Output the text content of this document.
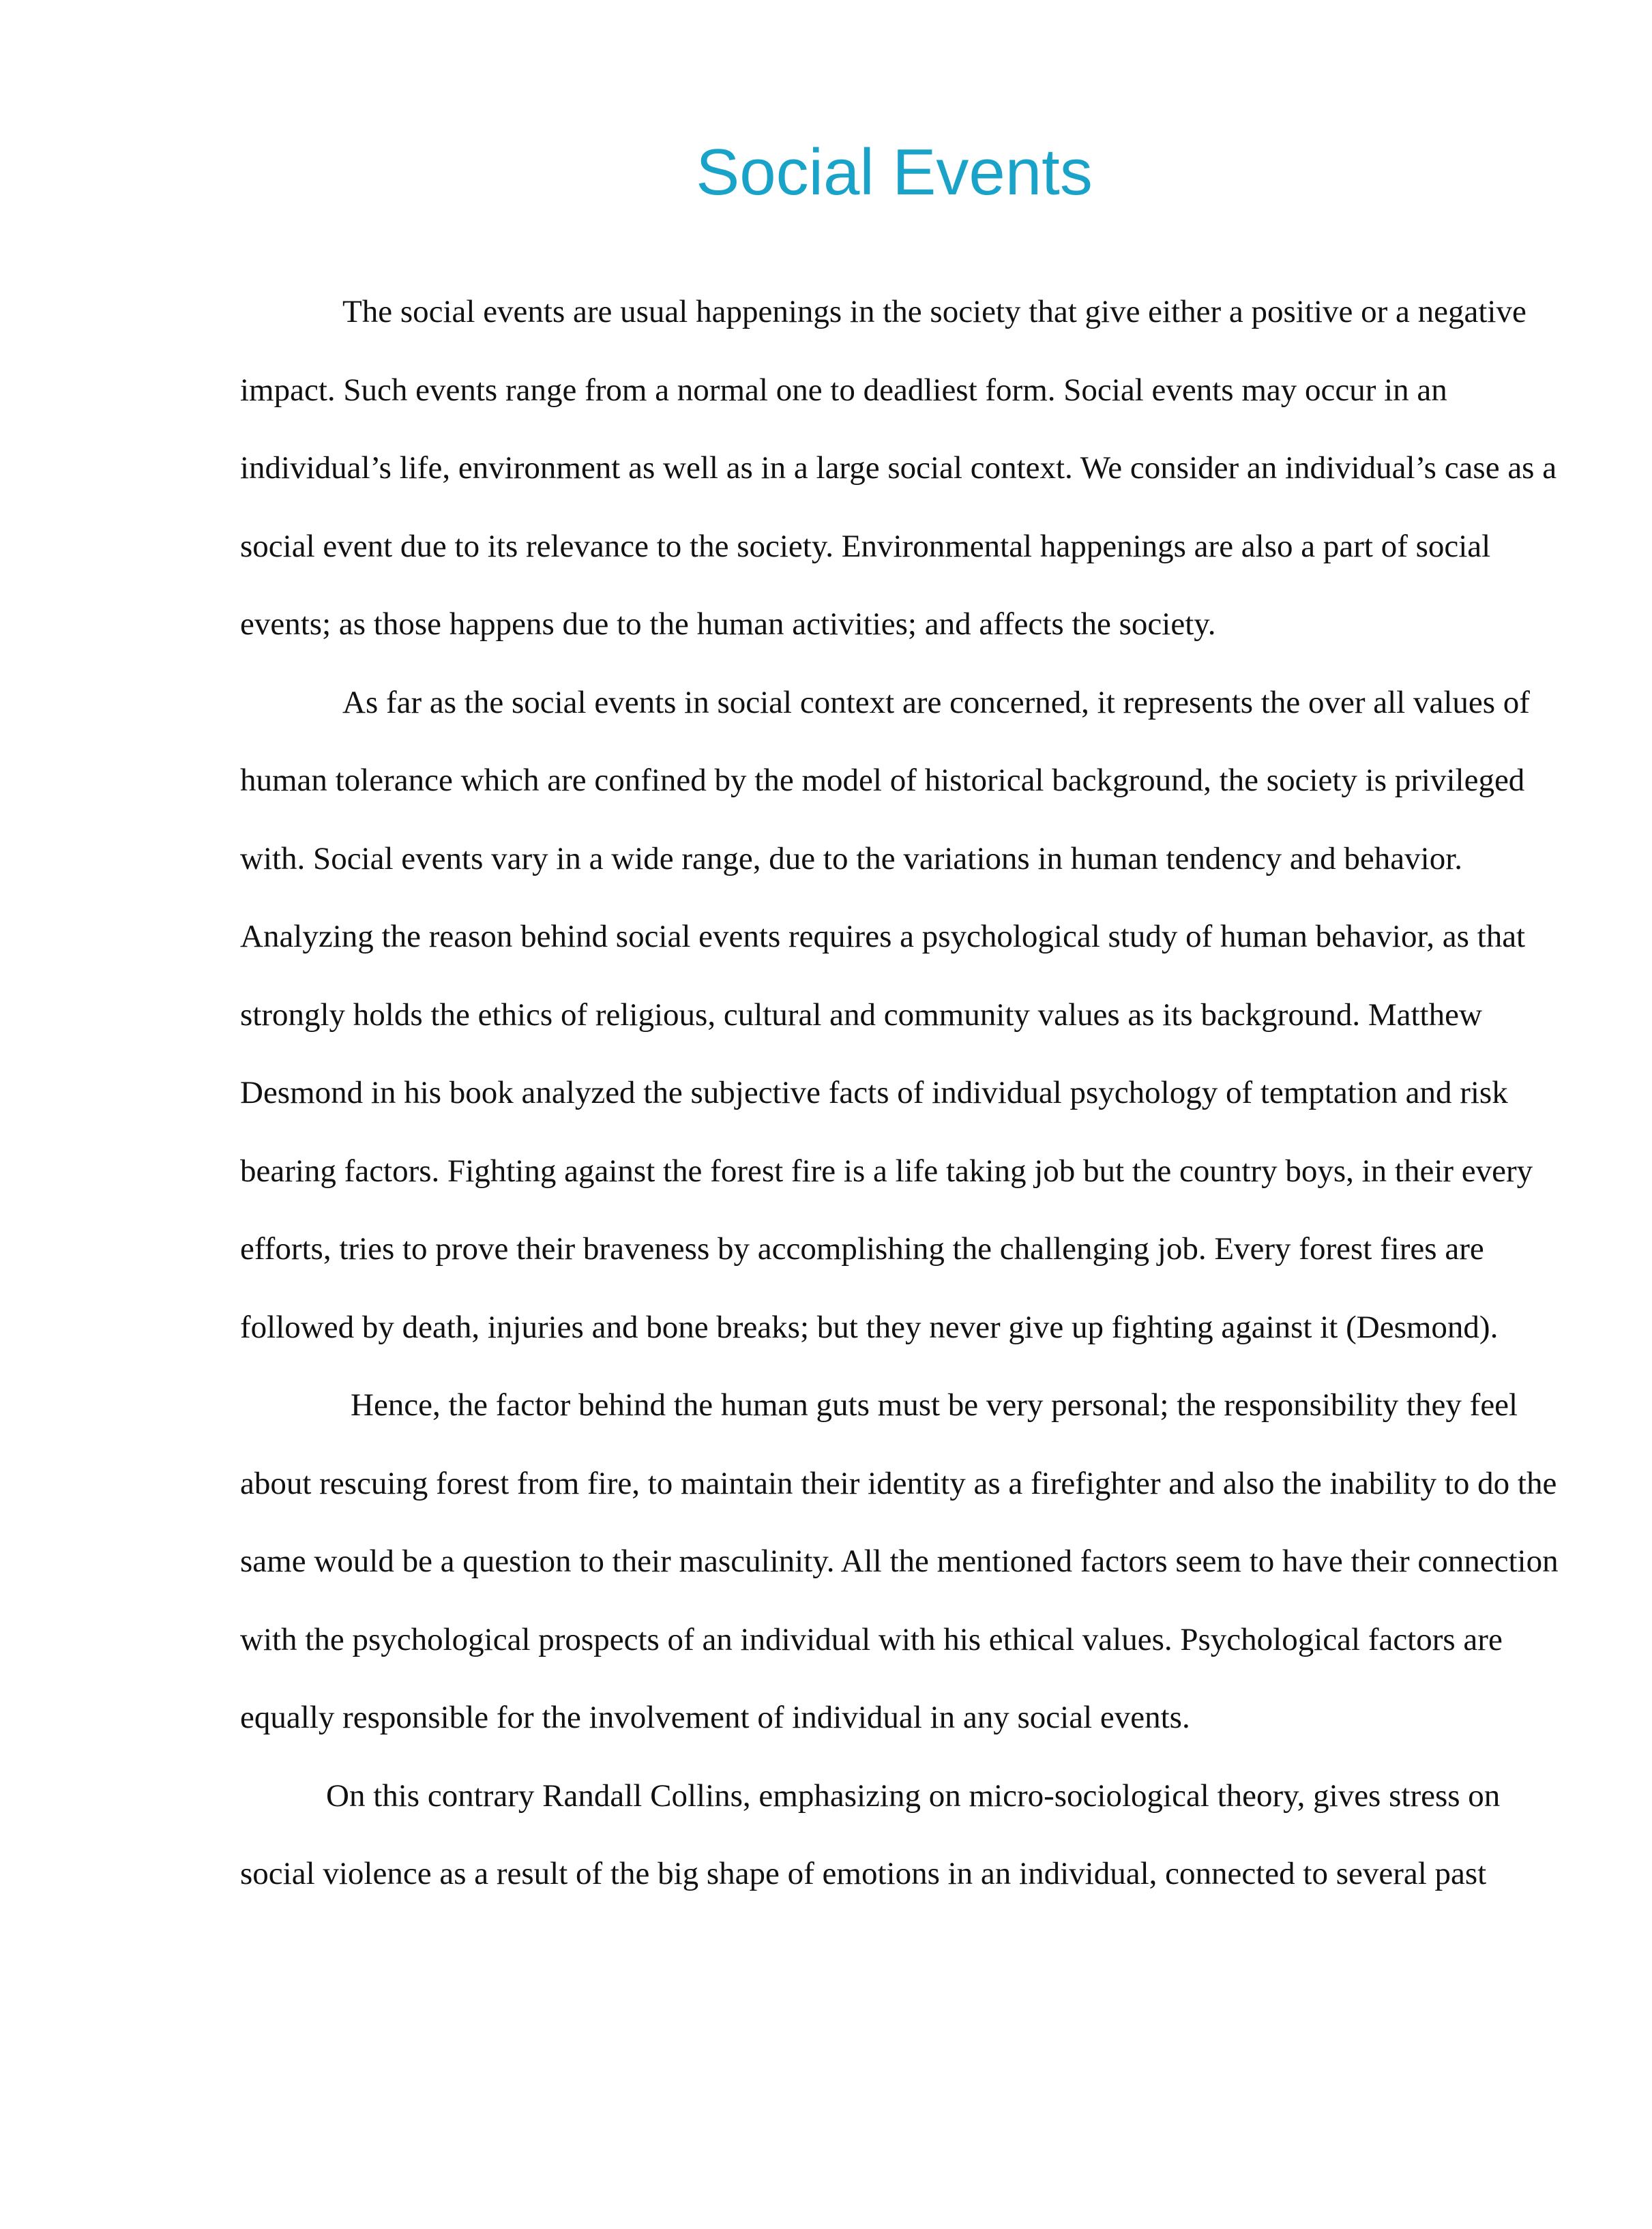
Social Events

The social events are usual happenings in the society that give either a positive or a negative impact. Such events range from a normal one to deadliest form. Social events may occur in an individual’s life, environment as well as in a large social context. We consider an individual’s case as a social event due to its relevance to the society. Environmental happenings are also a part of social events; as those happens due to the human activities; and affects the society.

As far as the social events in social context are concerned, it represents the over all values of human tolerance which are confined by the model of historical background, the society is privileged with. Social events vary in a wide range, due to the variations in human tendency and behavior. Analyzing the reason behind social events requires a psychological study of human behavior, as that strongly holds the ethics of religious, cultural and community values as its background. Matthew Desmond in his book analyzed the subjective facts of individual psychology of temptation and risk bearing factors. Fighting against the forest fire is a life taking job but the country boys, in their every efforts, tries to prove their braveness by accomplishing the challenging job. Every forest fires are followed by death, injuries and bone breaks; but they never give up fighting against it (Desmond).

Hence, the factor behind the human guts must be very personal; the responsibility they feel about rescuing forest from fire, to maintain their identity as a firefighter and also the inability to do the same would be a question to their masculinity. All the mentioned factors seem to have their connection with the psychological prospects of an individual with his ethical values. Psychological factors are equally responsible for the involvement of individual in any social events.

On this contrary Randall Collins, emphasizing on micro-sociological theory, gives stress on social violence as a result of the big shape of emotions in an individual, connected to several past
